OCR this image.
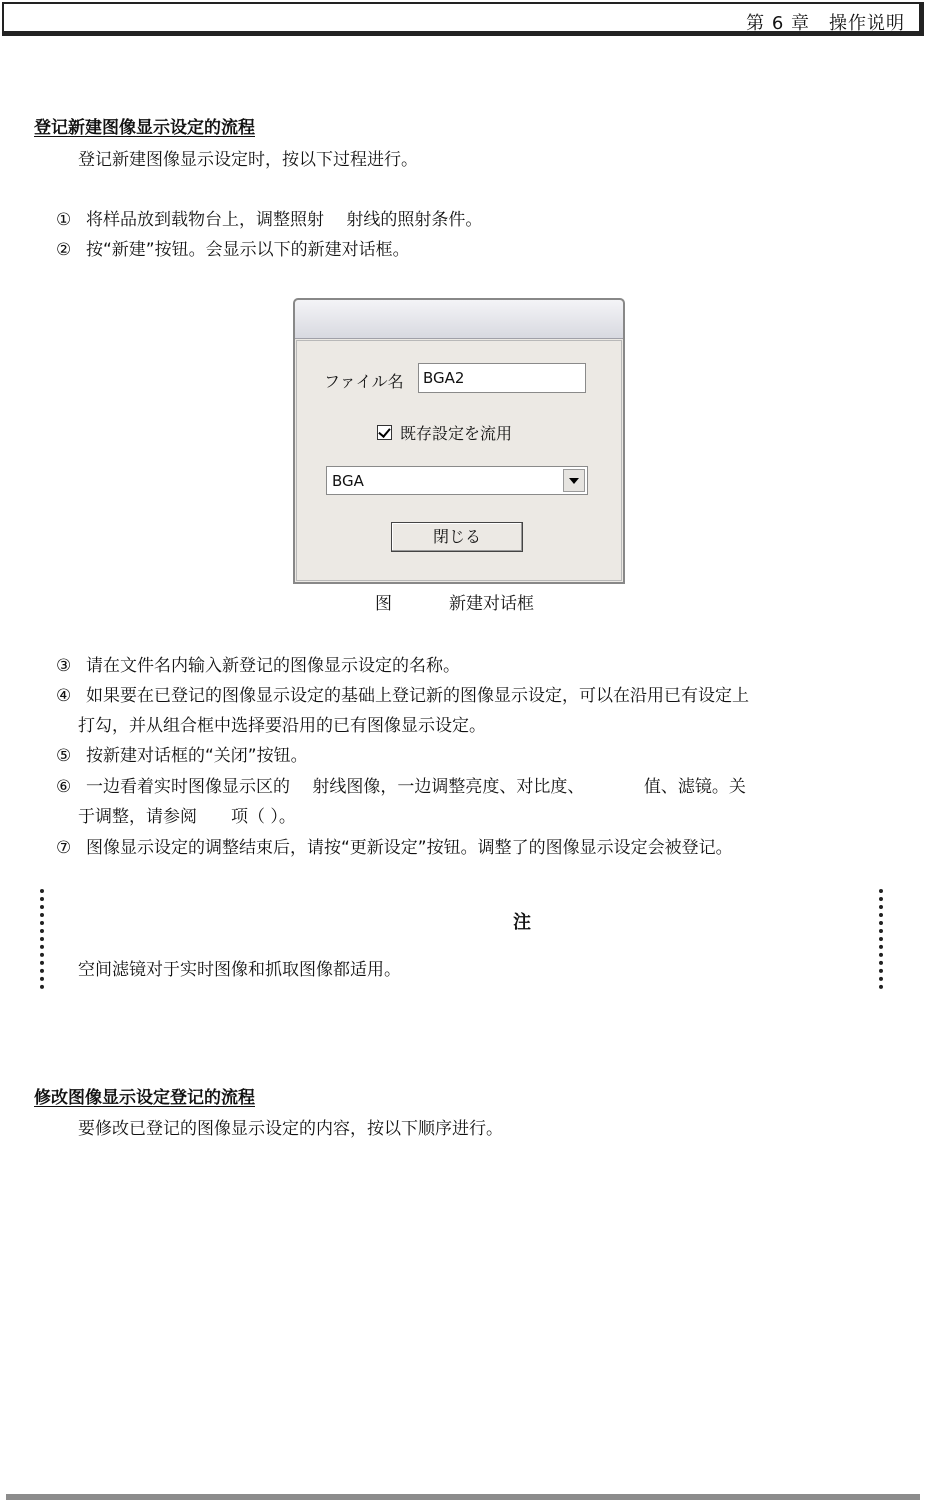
第 6 章　操作说明
登记新建图像显示设定的流程
登记新建图像显示设定时，按以下过程进行。
① 将样品放到载物台上，调整照射　 射线的照射条件。
② 按“新建”按钮。会显示以下的新建对话框。
ファイル名	BGA2
既存設定を流用
BGA
閉じる
图	新建对话框
③ 请在文件名内输入新登记的图像显示设定的名称。
④ 如果要在已登记的图像显示设定的基础上登记新的图像显示设定，可以在沿用已有设定上
打勾，并从组合框中选择要沿用的已有图像显示设定。
⑤ 按新建对话框的“关闭”按钮。
⑥ 一边看着实时图像显示区的　 射线图像，一边调整亮度、对比度、　　　　值、滤镜。关
于调整，请参阅　　项（ ）。
⑦ 图像显示设定的调整结束后，请按“更新设定”按钮。调整了的图像显示设定会被登记。
注
空间滤镜对于实时图像和抓取图像都适用。
修改图像显示设定登记的流程
要修改已登记的图像显示设定的内容，按以下顺序进行。
